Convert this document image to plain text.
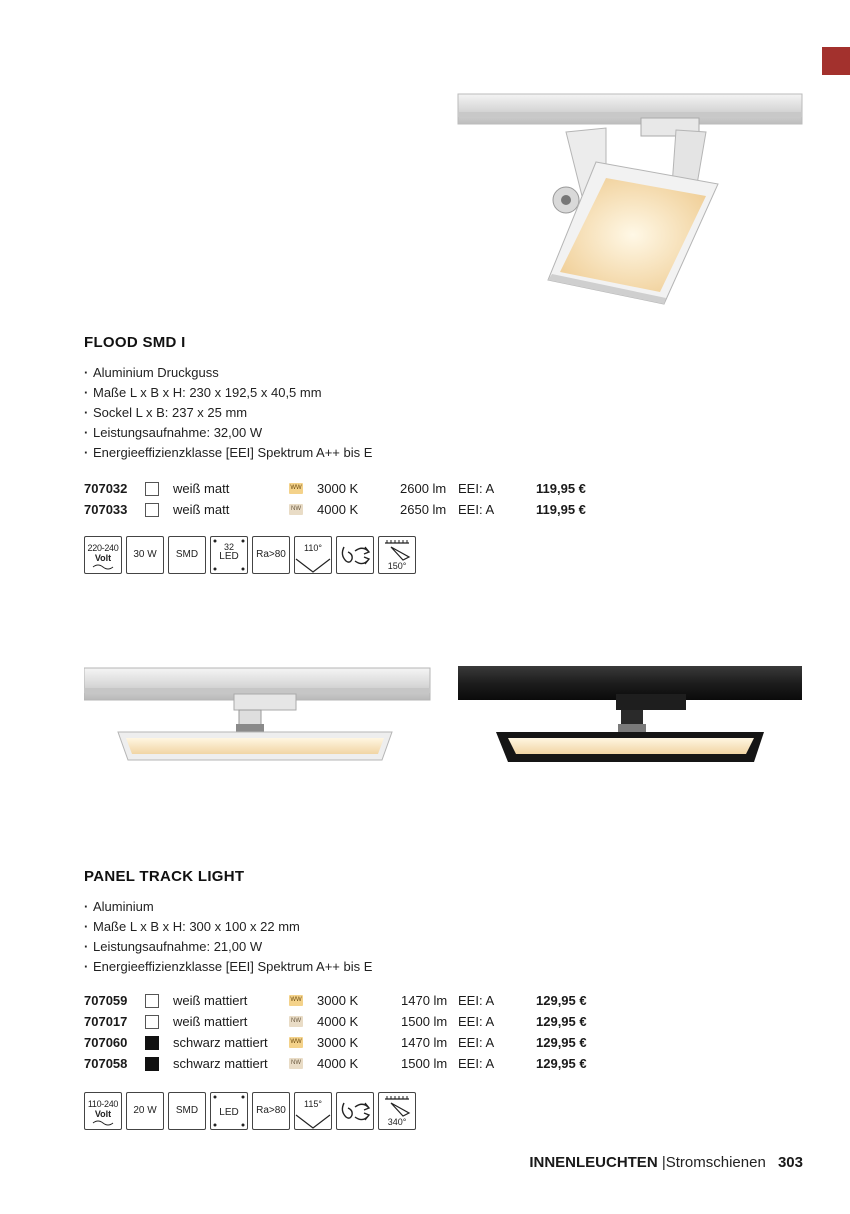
FLOOD SMD I
· Aluminium Druckguss
· Maße L x B x H: 230 x 192,5 x 40,5 mm
· Sockel L x B: 237 x 25 mm
· Leistungsaufnahme: 32,00 W
· Energieeffizienzklasse [EEI] Spektrum A++ bis E
707032	weiß matt	WW 3000 K	2600 lm EEI: A	119,95 €
707033	weiß matt	NW 4000 K	2650 lm EEI: A	119,95 €
220-240
Volt	30 W	SMD
32
LED	Ra>80
110°
150°
PANEL TRACK LIGHT
· Aluminium
· Maße L x B x H: 300 x 100 x 22 mm
· Leistungsaufnahme: 21,00 W
· Energieeffizienzklasse [EEI] Spektrum A++ bis E
707059	weiß mattiert	WW 3000 K	1470 lm EEI: A	129,95 €
707017	weiß mattiert	NW 4000 K	1500 lm EEI: A	129,95 €
707060	schwarz mattiert	WW 3000 K	1470 lm EEI: A	129,95 €
707058	schwarz mattiert	NW 4000 K	1500 lm EEI: A	129,95 €
110-240
Volt	20 W	SMD	LED	Ra>80
115°
340°
INNENLEUCHTEN |Stromschienen 303
